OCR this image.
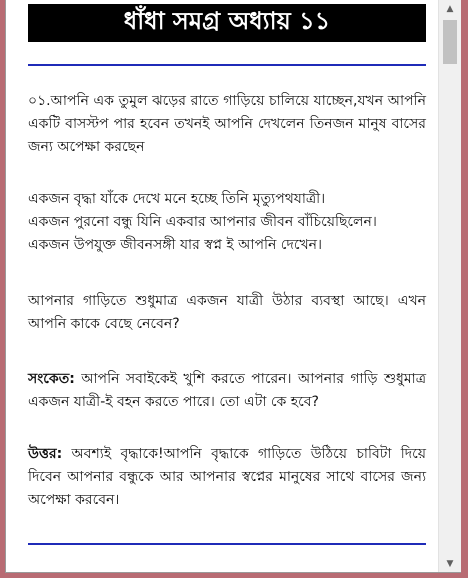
ধাঁধা সমগ্র অধ্যায় ১১
০১.আপনি এক তুমুল ঝড়ের রাতে গাড়িয়ে চালিয়ে যাচ্ছেন,যখন আপনি একটি বাসস্টপ পার হবেন তখনই আপনি দেখলেন তিনজন মানুষ বাসের জন্য অপেক্ষা করছেন
একজন বৃদ্ধা যাঁকে দেখে মনে হচ্ছে তিনি মৃত্যুপথযাত্রী।
একজন পুরনো বন্ধু যিনি একবার আপনার জীবন বাঁচিয়েছিলেন।
একজন উপযুক্ত জীবনসঙ্গী যার স্বপ্ন ই আপনি দেখেন।
আপনার গাড়িতে শুধুমাত্র একজন যাত্রী উঠার ব্যবস্থা আছে। এখন আপনি কাকে বেছে নেবেন?
সংকেত: আপনি সবাইকেই খুশি করতে পারেন। আপনার গাড়ি শুধুমাত্র একজন যাত্রী-ই বহন করতে পারে। তো এটা কে হবে?
উত্তর: অবশ্যই বৃদ্ধাকে!আপনি বৃদ্ধাকে গাড়িতে উঠিয়ে চাবিটা দিয়ে দিবেন আপনার বন্ধুকে আর আপনার স্বপ্নের মানুষের সাথে বাসের জন্য অপেক্ষা করবেন।
▲
▼
